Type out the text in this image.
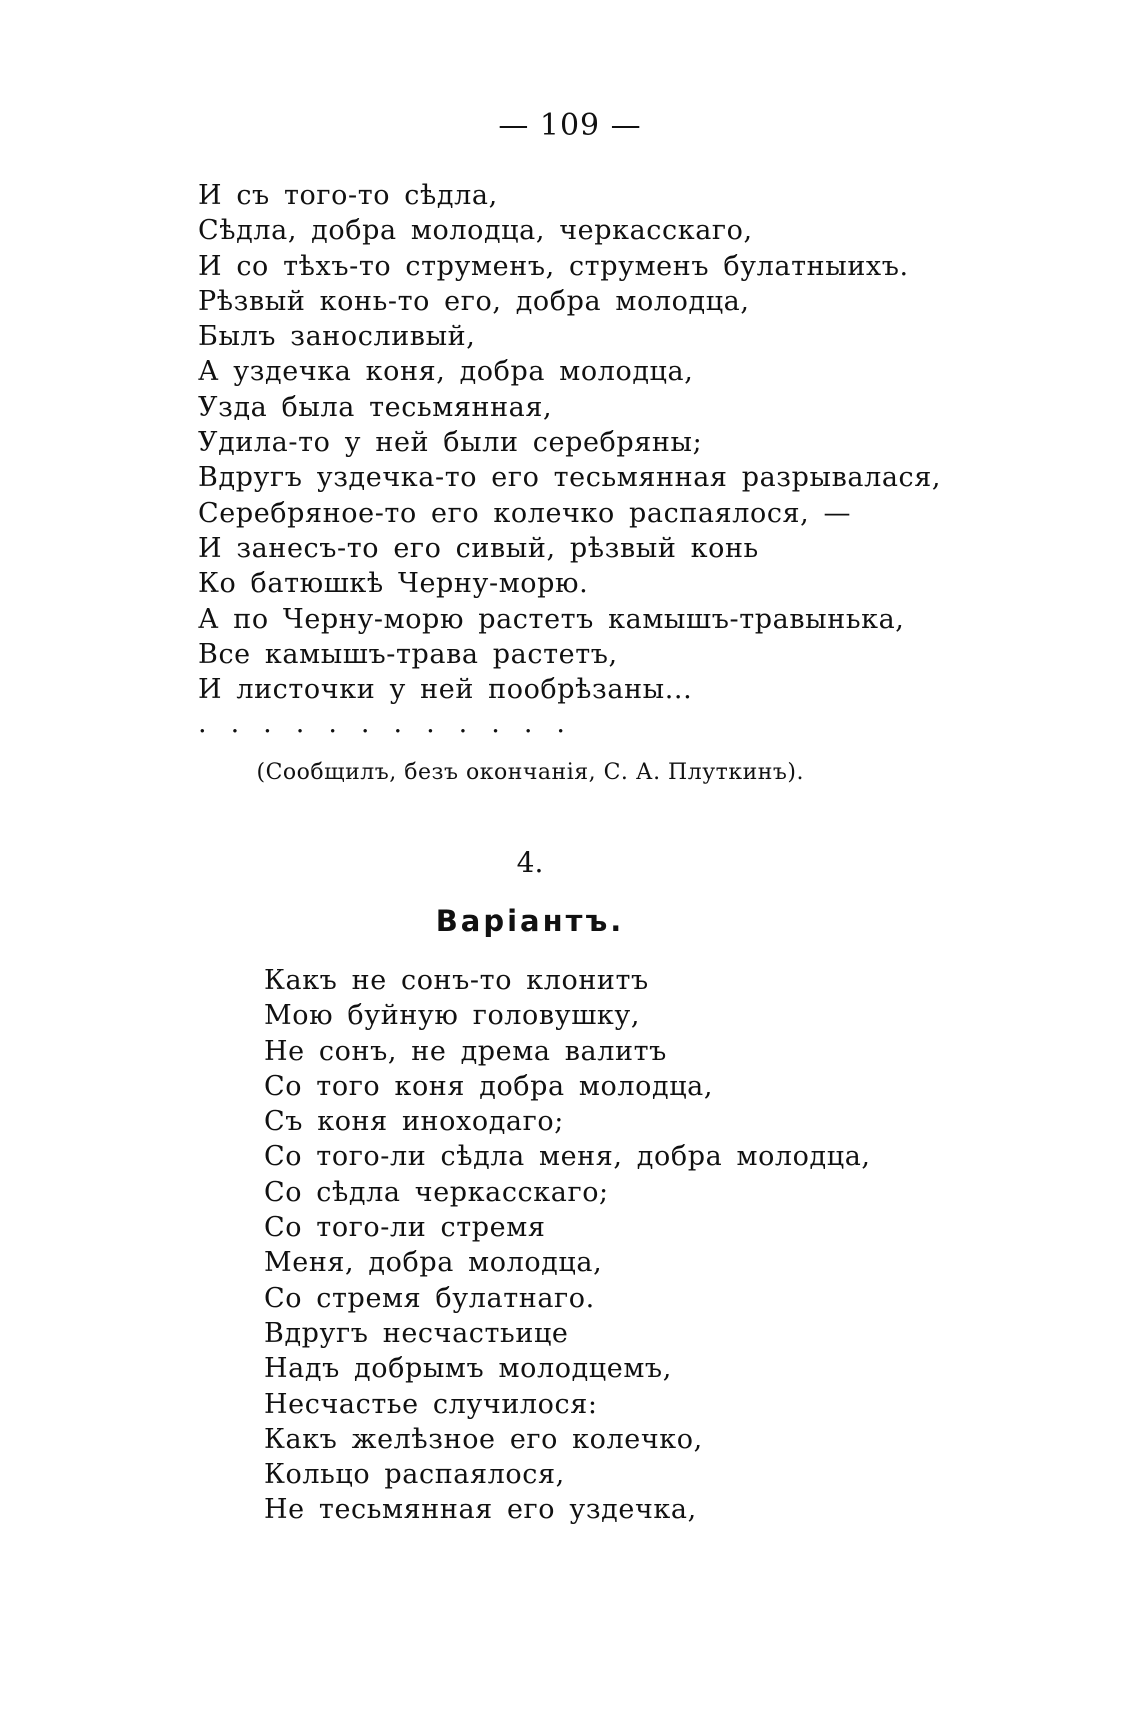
— 109 —
И съ того-то сѣдла,
Сѣдла, добра молодца, черкасскаго,
И со тѣхъ-то струменъ, струменъ булатныихъ.
Рѣзвый конь-то его, добра молодца,
Былъ заносливый,
А уздечка коня, добра молодца,
Узда была тесьмянная,
Удила-то у ней были серебряны;
Вдругъ уздечка-то его тесьмянная разрывалася,
Серебряное-то его колечко распаялося, —
И занесъ-то его сивый, рѣзвый конь
Ко батюшкѣ Черну-морю.
А по Черну-морю растетъ камышъ-травынька,
Все камышъ-трава растетъ,
И листочки у ней пообрѣзаны...
............
(Сообщилъ, безъ окончанія, С. А. Плуткинъ).
4.
Варіантъ.
Какъ не сонъ-то клонитъ
Мою буйную головушку,
Не сонъ, не дрема валитъ
Со того коня добра молодца,
Съ коня иноходаго;
Со того-ли сѣдла меня, добра молодца,
Со сѣдла черкасскаго;
Со того-ли стремя
Меня, добра молодца,
Со стремя булатнаго.
Вдругъ несчастьице
Надъ добрымъ молодцемъ,
Несчастье случилося:
Какъ желѣзное его колечко,
Кольцо распаялося,
Не тесьмянная его уздечка,
